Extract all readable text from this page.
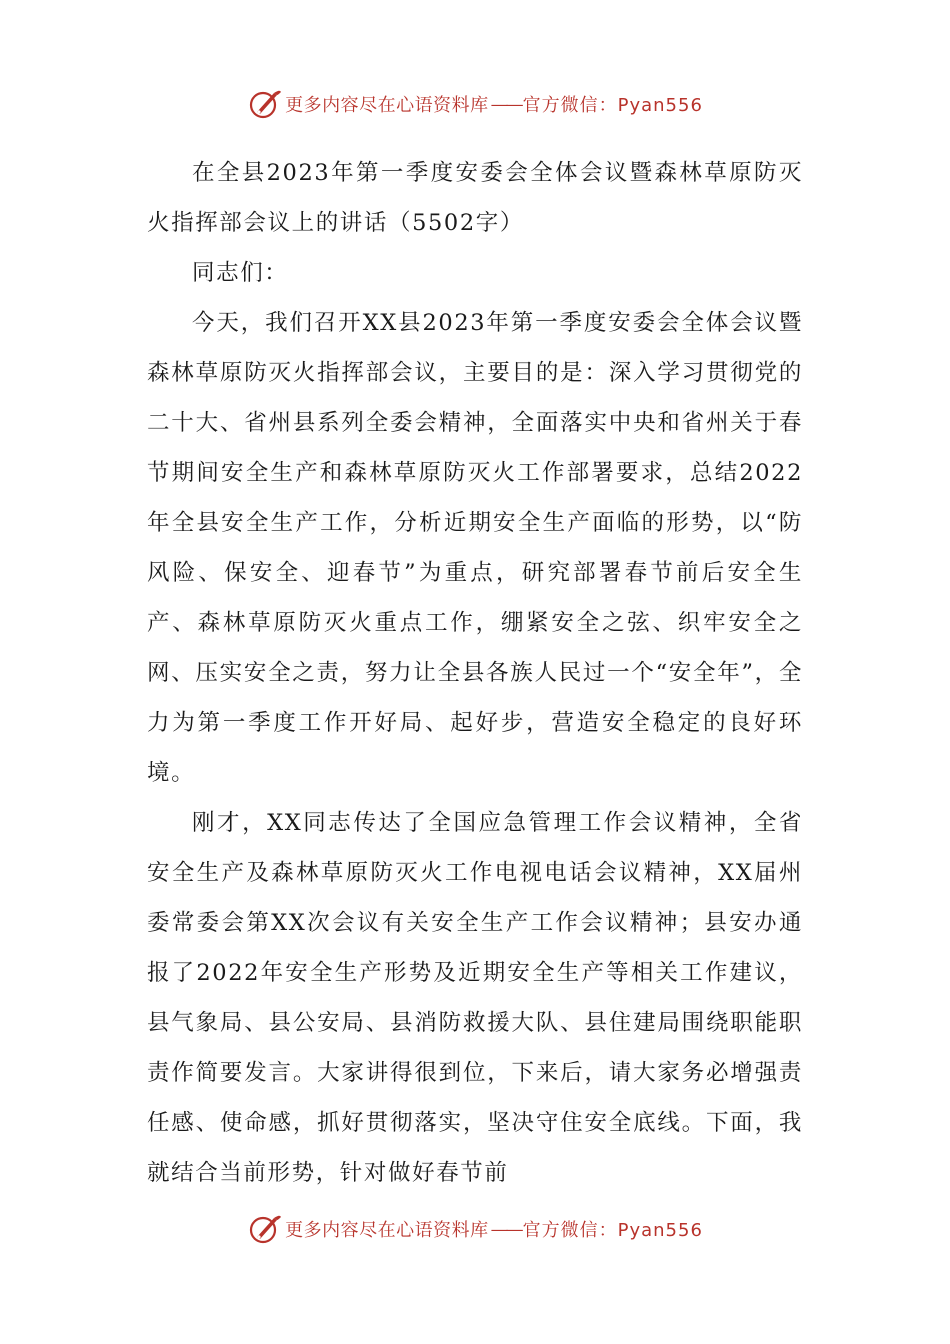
更多内容尽在心语资料库 —— 官方微信：Pyan556

在全县2023年第一季度安委会全体会议暨森林草原防灭火指挥部会议上的讲话（5502字）

同志们：

今天，我们召开XX县2023年第一季度安委会全体会议暨森林草原防灭火指挥部会议，主要目的是：深入学习贯彻党的二十大、省州县系列全委会精神，全面落实中央和省州关于春节期间安全生产和森林草原防灭火工作部署要求，总结2022年全县安全生产工作，分析近期安全生产面临的形势，以“防风险、保安全、迎春节”为重点，研究部署春节前后安全生产、森林草原防灭火重点工作，绷紧安全之弦、织牢安全之网、压实安全之责，努力让全县各族人民过一个“安全年”，全力为第一季度工作开好局、起好步，营造安全稳定的良好环境。

刚才，XX同志传达了全国应急管理工作会议精神，全省安全生产及森林草原防灭火工作电视电话会议精神，XX届州委常委会第XX次会议有关安全生产工作会议精神；县安办通报了2022年安全生产形势及近期安全生产等相关工作建议，县气象局、县公安局、县消防救援大队、县住建局围绕职能职责作简要发言。大家讲得很到位，下来后，请大家务必增强责任感、使命感，抓好贯彻落实，坚决守住安全底线。下面，我就结合当前形势，针对做好春节前

更多内容尽在心语资料库 —— 官方微信：Pyan556
